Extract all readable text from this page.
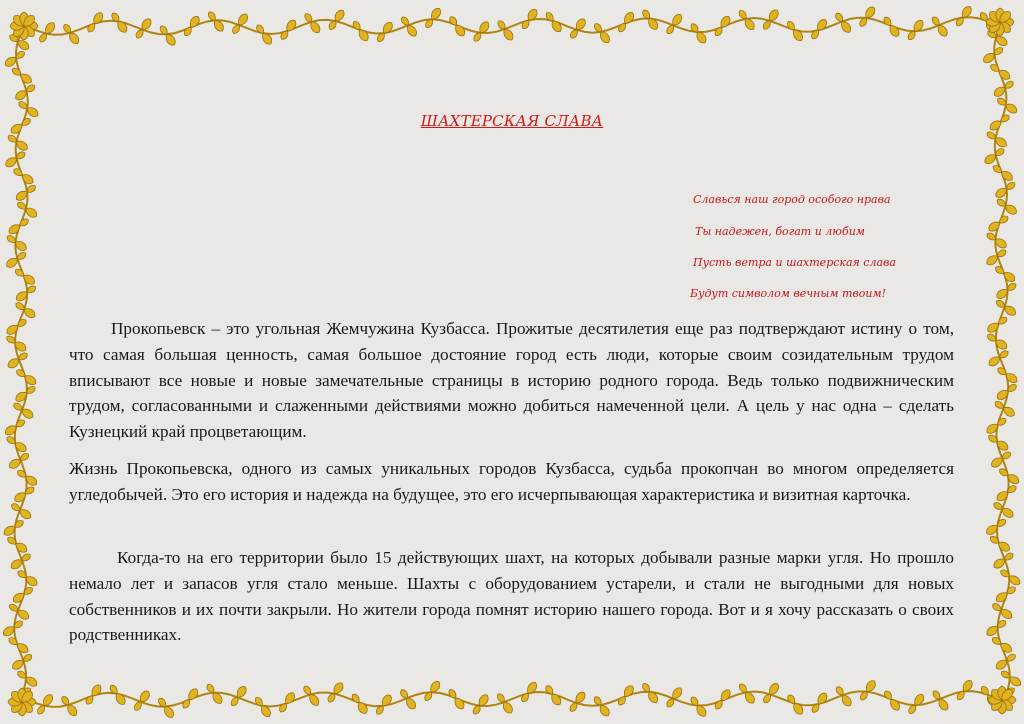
ШАХТЕРСКАЯ СЛАВА
Славься наш город особого нрава
Ты надежен, богат и любим
Пусть ветра и шахтерская слава
Будут символом вечным твоим!

Прокопьевск – это угольная Жемчужина Кузбасса. Прожитые десятилетия еще раз подтверждают истину о том, что самая большая ценность, самая большое достояние город есть люди, которые своим созидательным трудом вписывают все новые и новые замечательные страницы в историю родного города. Ведь только подвижническим трудом, согласованными и слаженными действиями можно добиться намеченной цели. А цель у нас одна – сделать Кузнецкий край процветающим.

Жизнь Прокопьевска, одного из самых уникальных городов Кузбасса, судьба прокопчан во многом определяется угледобычей. Это его история и надежда на будущее, это его исчерпывающая характеристика и визитная карточка.

Когда-то на его территории было 15 действующих шахт, на которых добывали разные марки угля. Но прошло немало лет и запасов угля стало меньше. Шахты с оборудованием устарели, и стали не выгодными для новых собственников и их почти закрыли. Но жители города помнят историю нашего города. Вот и я хочу рассказать о своих родственниках.
